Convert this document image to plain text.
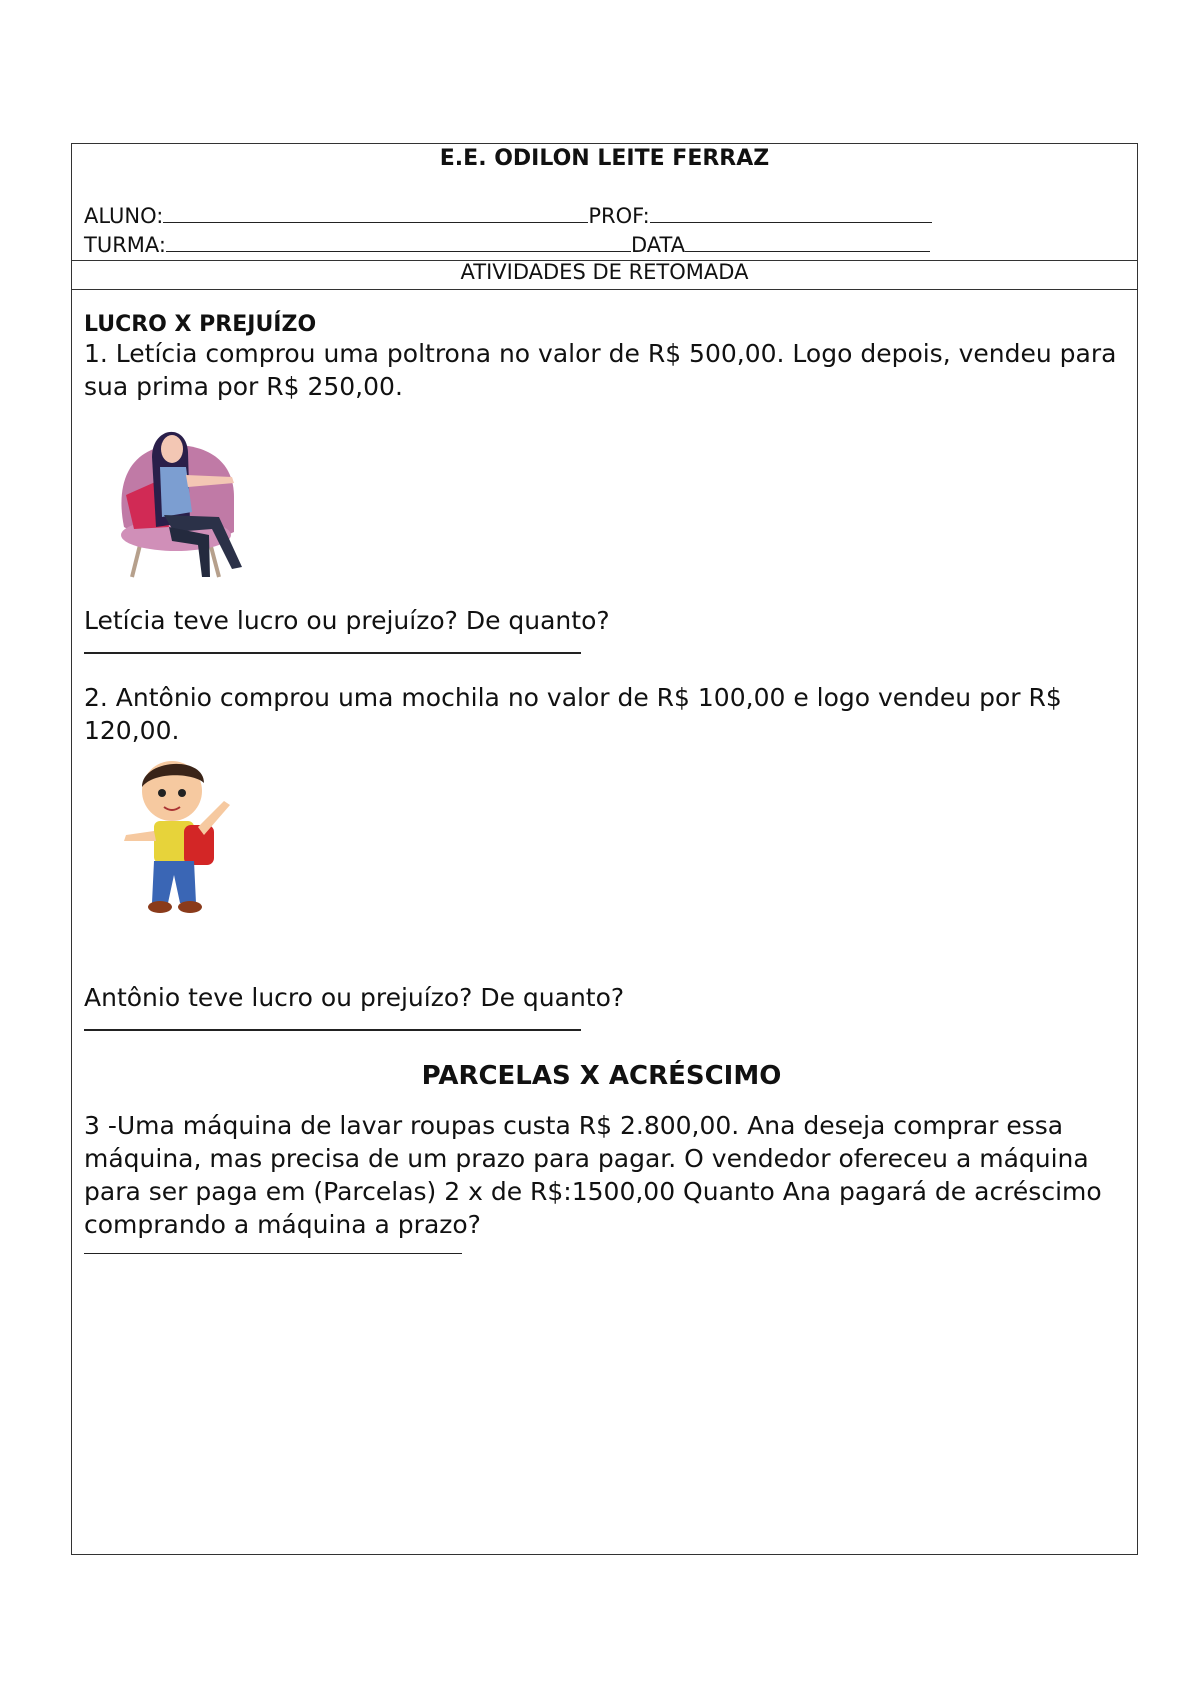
E.E. ODILON LEITE FERRAZ
ALUNO:	PROF:
TURMA:	DATA
ATIVIDADES DE RETOMADA

LUCRO X PREJUÍZO

1. Letícia comprou uma poltrona no valor de R$ 500,00. Logo depois, vendeu para sua prima por R$ 250,00.

Letícia teve lucro ou prejuízo? De quanto?

2. Antônio comprou uma mochila no valor de R$ 100,00 e logo vendeu por R$ 120,00.

Antônio teve lucro ou prejuízo? De quanto?

PARCELAS X ACRÉSCIMO

3 -Uma máquina de lavar roupas custa R$ 2.800,00. Ana deseja comprar essa máquina, mas precisa de um prazo para pagar. O vendedor ofereceu a máquina para ser paga em (Parcelas) 2 x de R$:1500,00 Quanto Ana pagará de acréscimo comprando a máquina a prazo?
